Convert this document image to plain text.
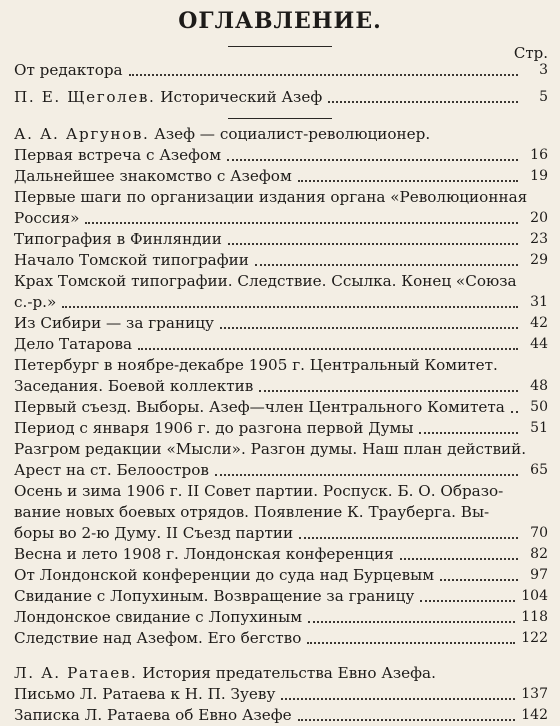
ОГЛАВЛЕНИЕ.
Стр.
От редактора	3
П. Е. Щеголев. Исторический Азеф	5
А. А. Аргунов. Азеф — социалист-революционер.
Первая встреча с Азефом	16
Дальнейшее знакомство с Азефом	19
Первые шаги по организации издания органа «Революционная
Россия»	20
Типография в Финляндии	23
Начало Томской типографии	29
Крах Томской типографии. Следствие. Ссылка. Конец «Союза
с.-р.»	31
Из Сибири — за границу	42
Дело Татарова	44
Петербург в ноябре-декабре 1905 г. Центральный Комитет.
Заседания. Боевой коллектив	48
Первый съезд. Выборы. Азеф—член Центрального Комитета	50
Период с января 1906 г. до разгона первой Думы	51
Разгром редакции «Мысли». Разгон думы. Наш план действий.
Арест на ст. Белоостров	65
Осень и зима 1906 г. II Совет партии. Роспуск. Б. О. Образо-
вание новых боевых отрядов. Появление К. Трауберга. Вы-
боры во 2-ю Думу. II Съезд партии	70
Весна и лето 1908 г. Лондонская конференция	82
От Лондонской конференции до суда над Бурцевым	97
Свидание с Лопухиным. Возвращение за границу	104
Лондонское свидание с Лопухиным	118
Следствие над Азефом. Его бегство	122
Л. А. Ратаев. История предательства Евно Азефа.
Письмо Л. Ратаева к Н. П. Зуеву	137
Записка Л. Ратаева об Евно Азефе	142
